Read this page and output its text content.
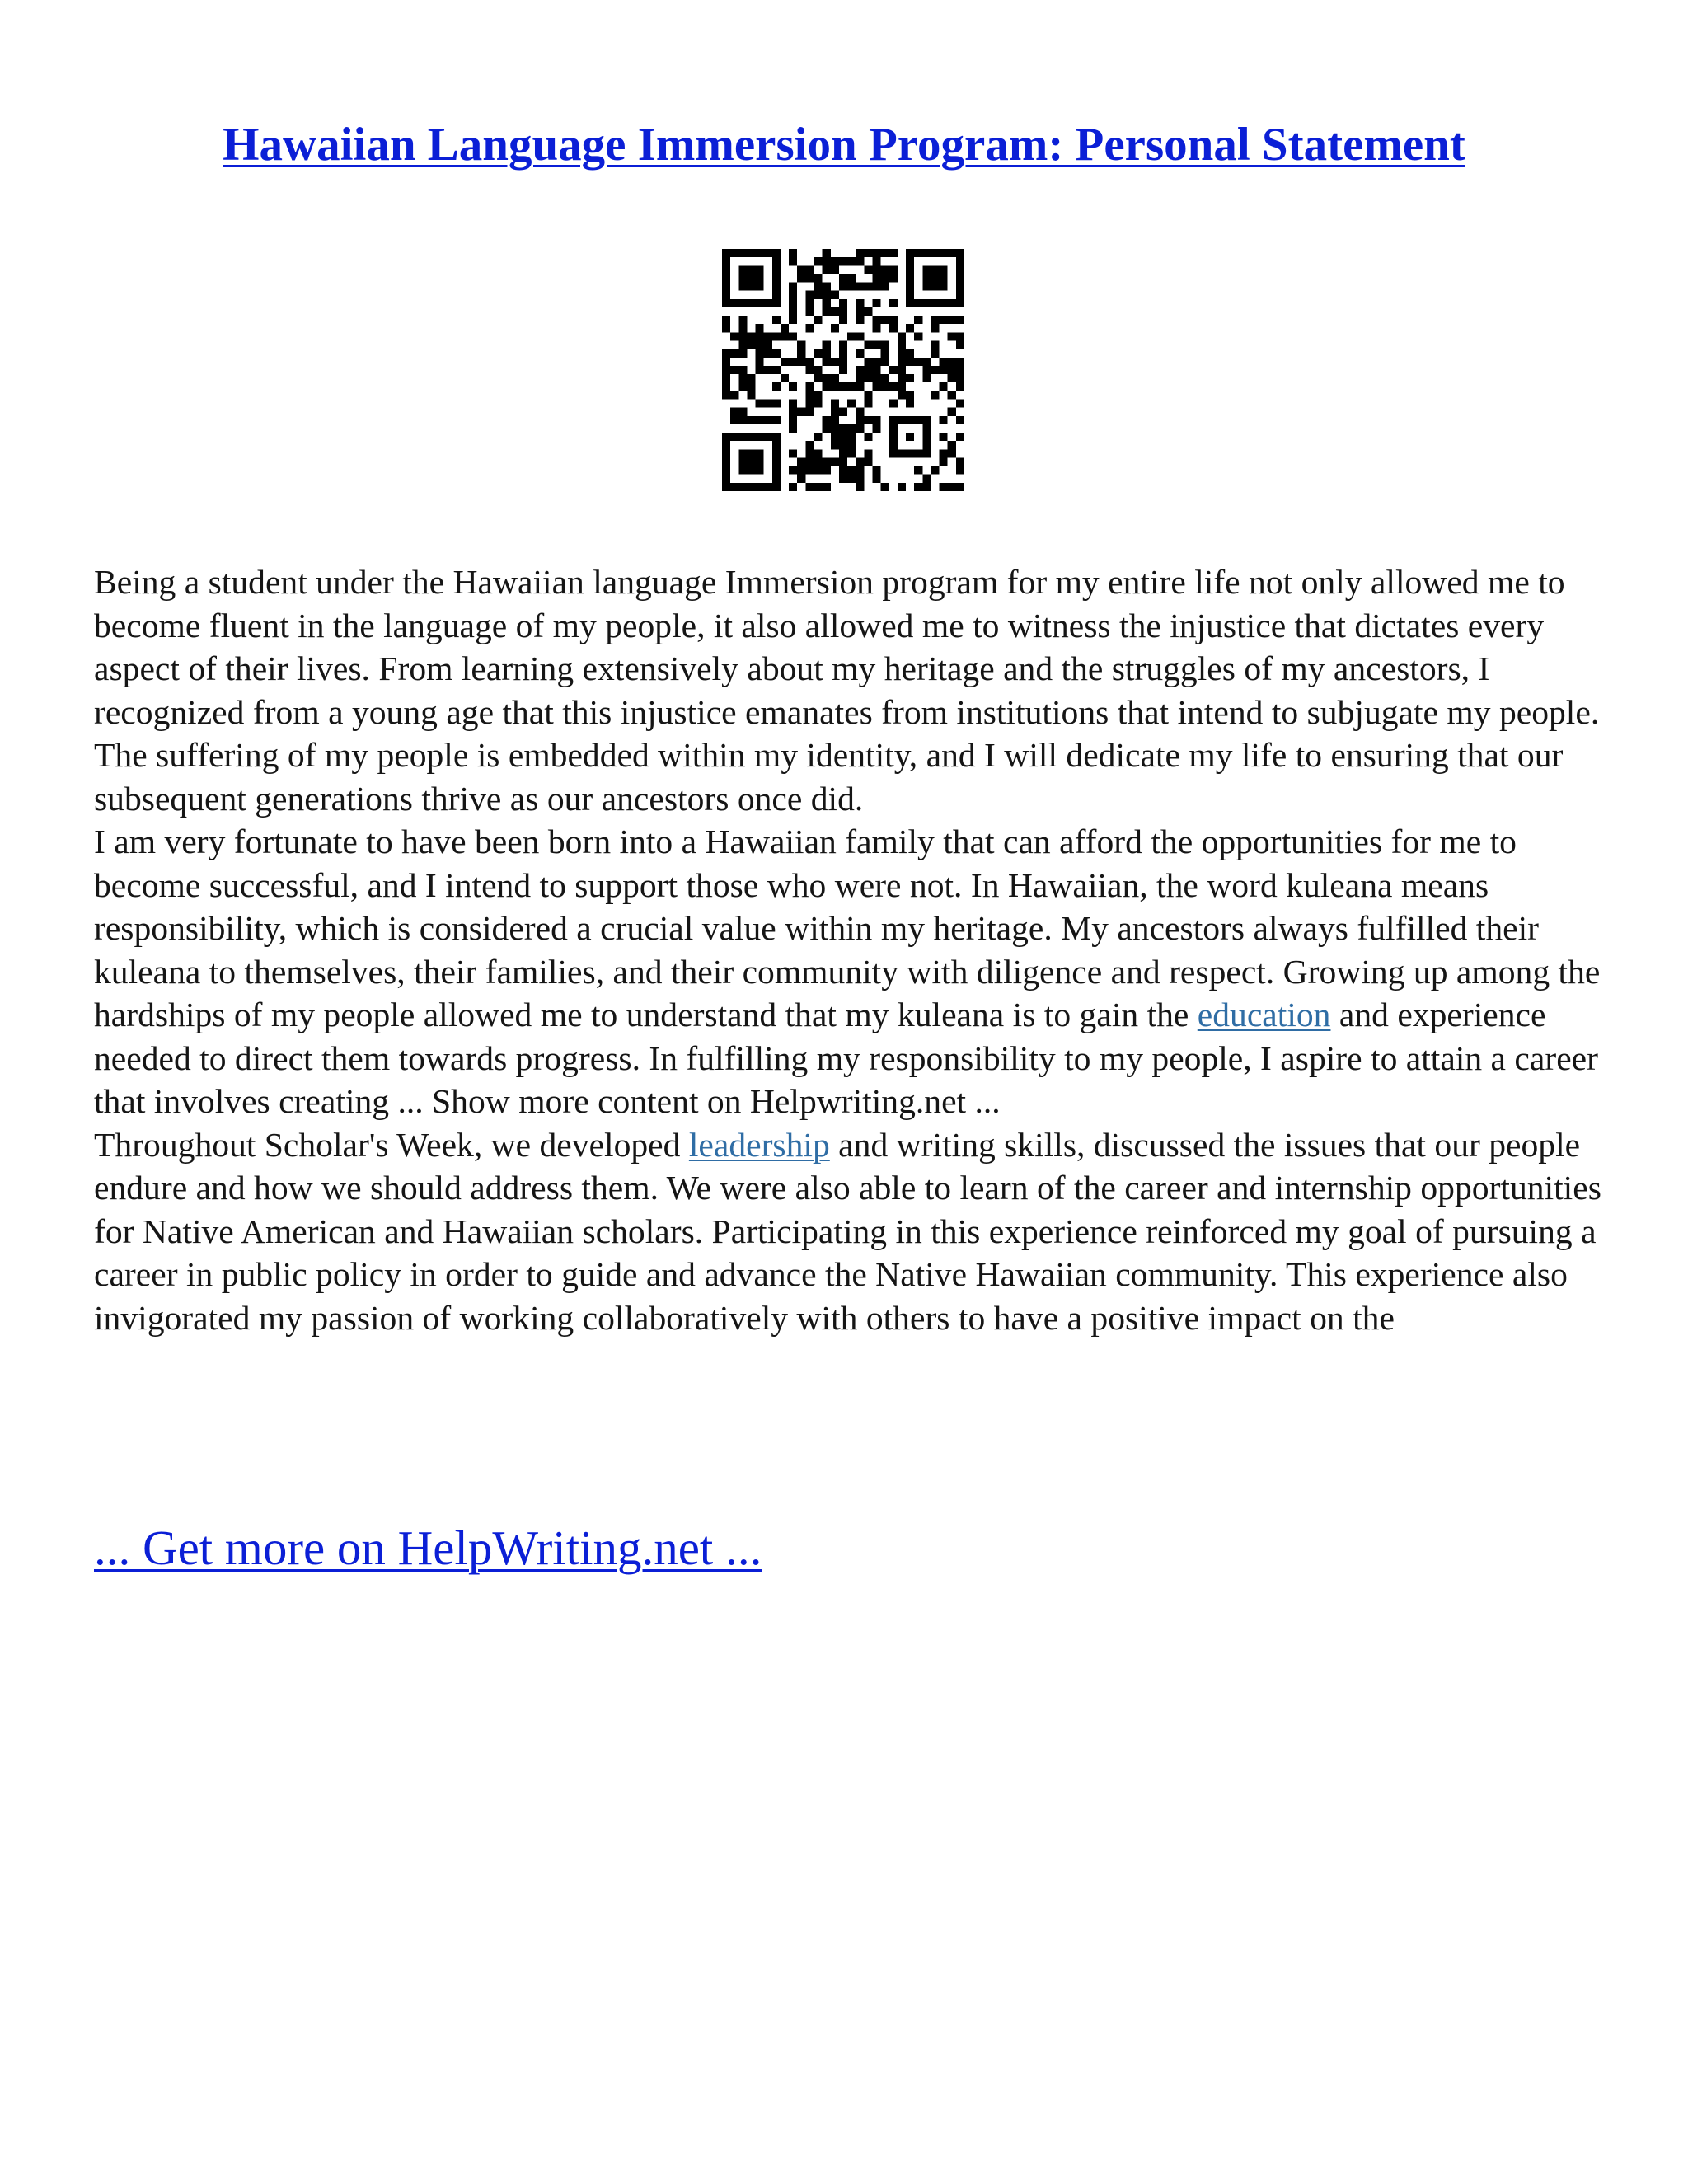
Hawaiian Language Immersion Program: Personal Statement

Being a student under the Hawaiian language Immersion program for my entire life not only allowed me to become fluent in the language of my people, it also allowed me to witness the injustice that dictates every aspect of their lives. From learning extensively about my heritage and the struggles of my ancestors, I recognized from a young age that this injustice emanates from institutions that intend to subjugate my people. The suffering of my people is embedded within my identity, and I will dedicate my life to ensuring that our subsequent generations thrive as our ancestors once did.

I am very fortunate to have been born into a Hawaiian family that can afford the opportunities for me to become successful, and I intend to support those who were not. In Hawaiian, the word kuleana means responsibility, which is considered a crucial value within my heritage. My ancestors always fulfilled their kuleana to themselves, their families, and their community with diligence and respect. Growing up among the hardships of my people allowed me to understand that my kuleana is to gain the education and experience needed to direct them towards progress. In fulfilling my responsibility to my people, I aspire to attain a career that involves creating ... Show more content on Helpwriting.net ...

Throughout Scholar's Week, we developed leadership and writing skills, discussed the issues that our people endure and how we should address them. We were also able to learn of the career and internship opportunities for Native American and Hawaiian scholars. Participating in this experience reinforced my goal of pursuing a career in public policy in order to guide and advance the Native Hawaiian community. This experience also invigorated my passion of working collaboratively with others to have a positive impact on the

... Get more on HelpWriting.net ...
